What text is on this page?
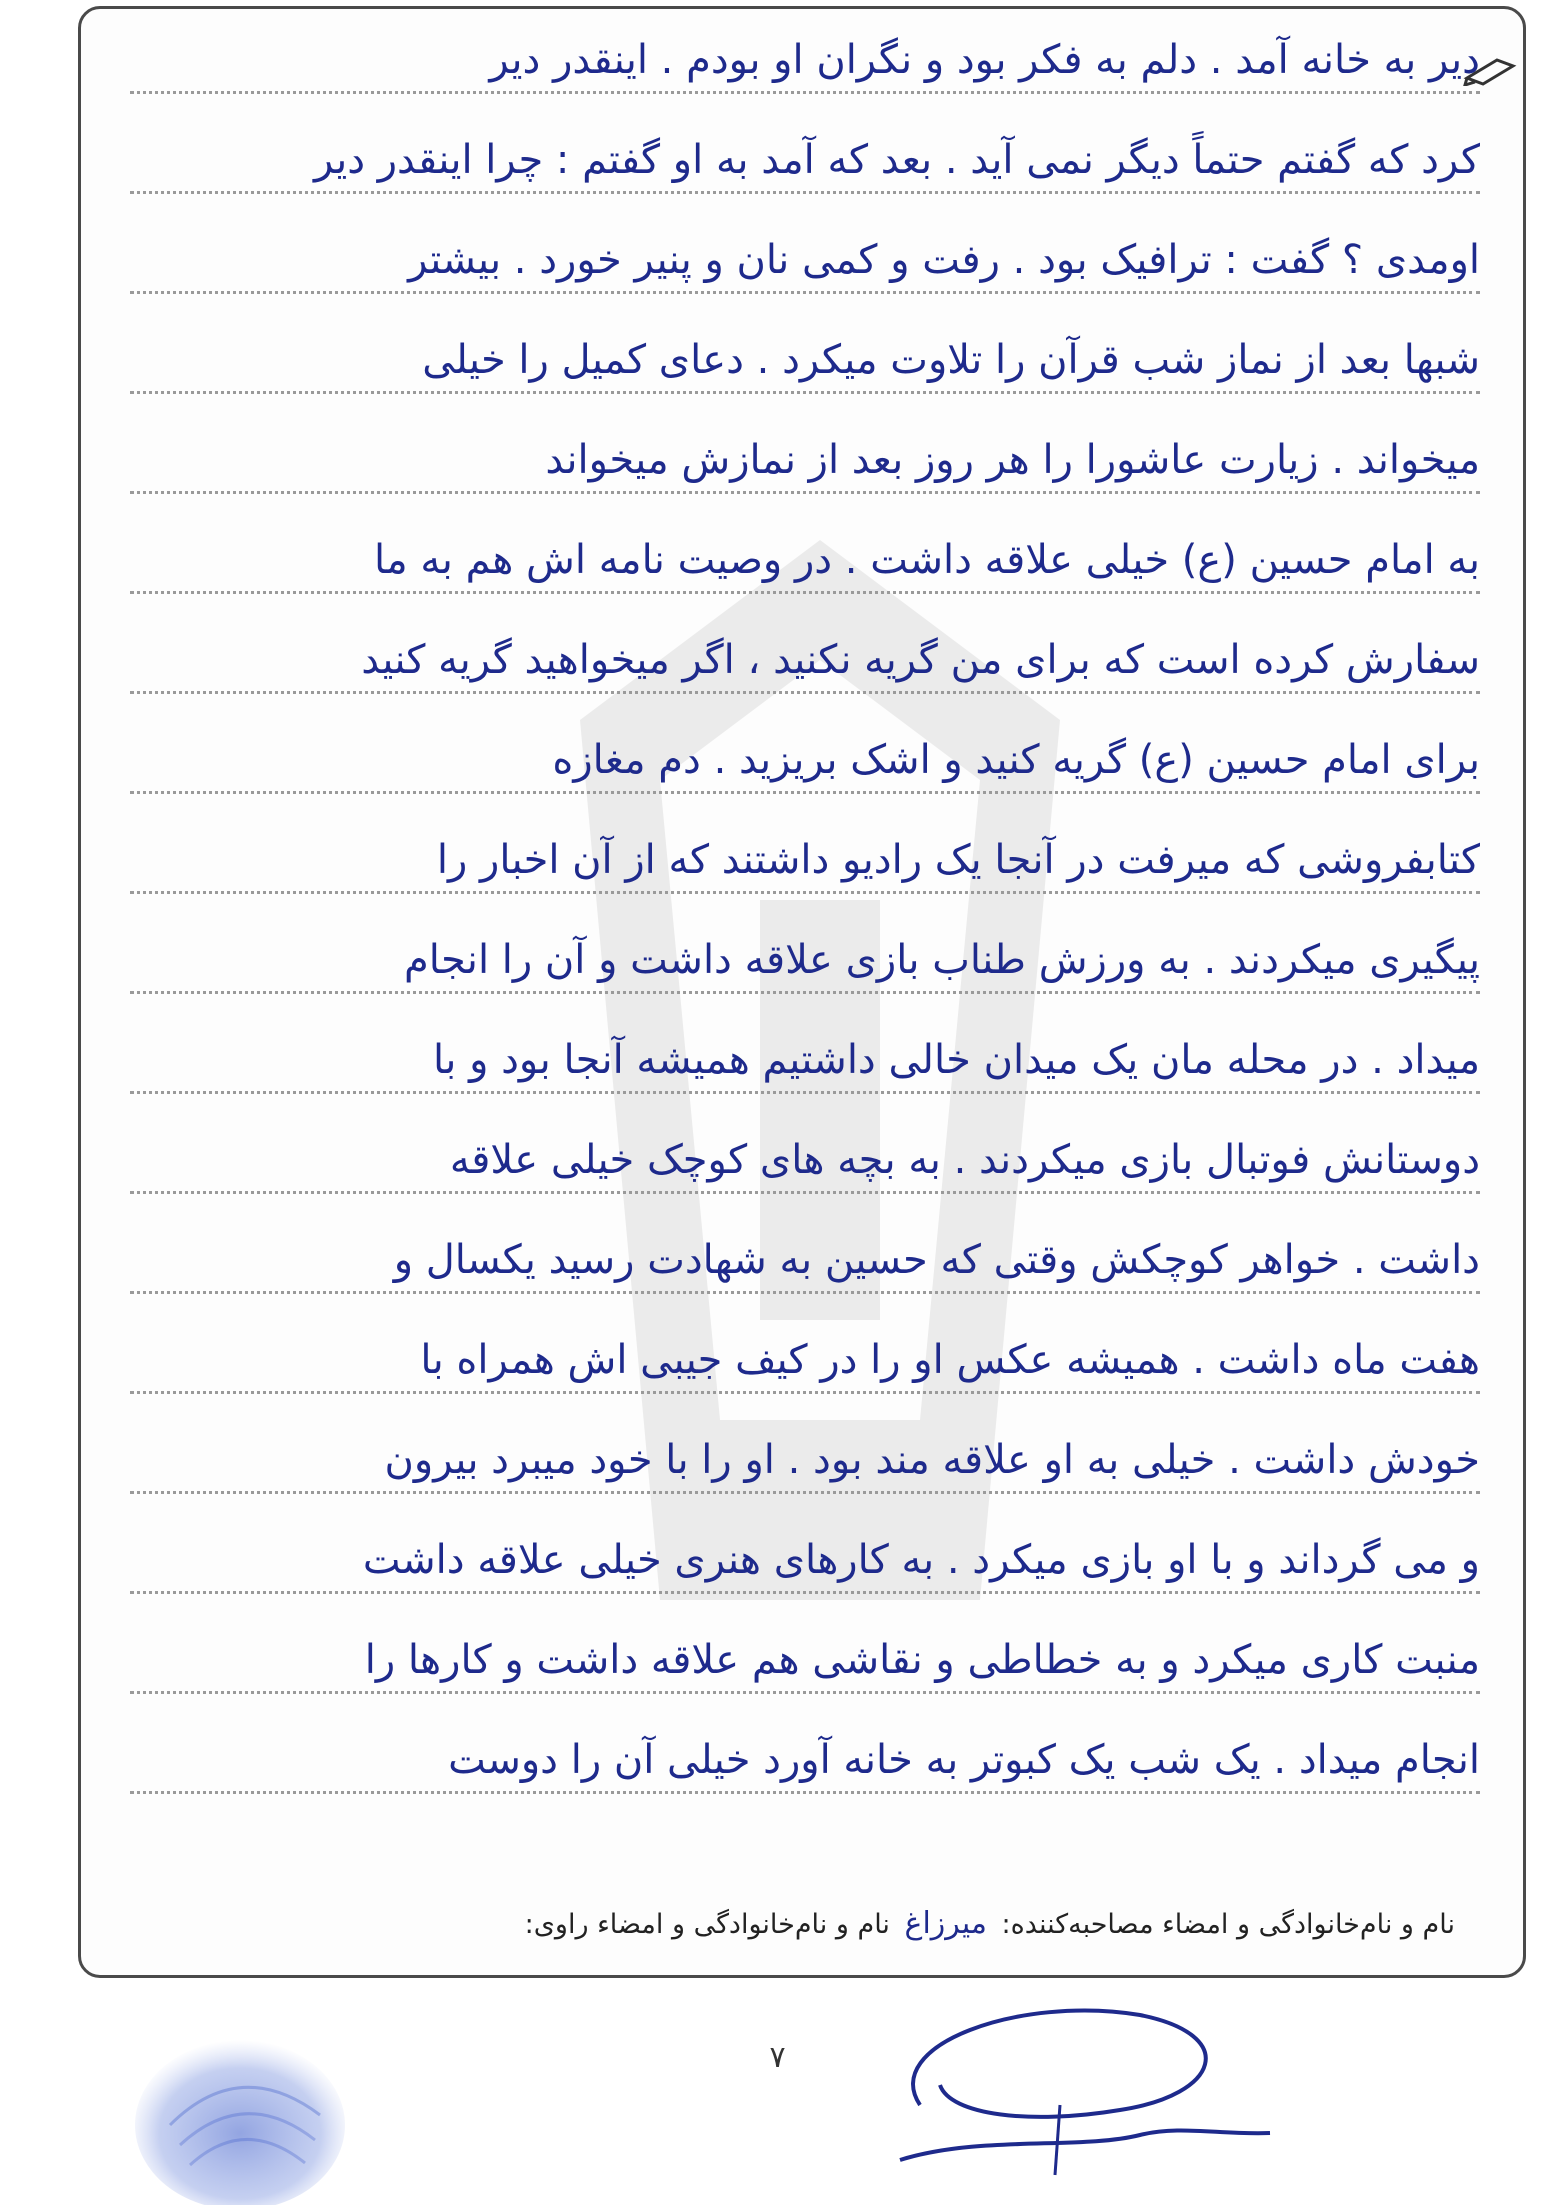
دیر به خانه آمد . دلم به فکر بود و نگران او بودم . اینقدر دیر
کرد که گفتم حتماً دیگر نمی آید . بعد که آمد به او گفتم : چرا اینقدر دیر
اومدی ؟ گفت : ترافیک بود . رفت و کمی نان و پنیر خورد . بیشتر
شبها بعد از نماز شب قرآن را تلاوت میکرد . دعای کمیل را خیلی
میخواند . زیارت عاشورا را هر روز بعد از نمازش میخواند
به امام حسین (ع) خیلی علاقه داشت . در وصیت نامه اش هم به ما
سفارش کرده است که برای من گریه نکنید ، اگر میخواهید گریه کنید
برای امام حسین (ع) گریه کنید و اشک بریزید . دم مغازه
کتابفروشی که میرفت در آنجا یک رادیو داشتند که از آن اخبار را
پیگیری میکردند . به ورزش طناب بازی علاقه داشت و آن را انجام
میداد . در محله مان یک میدان خالی داشتیم همیشه آنجا بود و با
دوستانش فوتبال بازی میکردند . به بچه های کوچک خیلی علاقه
داشت . خواهر کوچکش وقتی که حسین به شهادت رسید یکسال و
هفت ماه داشت . همیشه عکس او را در کیف جیبی اش همراه با
خودش داشت . خیلی به او علاقه مند بود . او را با خود میبرد بیرون
و می گرداند و با او بازی میکرد . به کارهای هنری خیلی علاقه داشت
منبت کاری میکرد و به خطاطی و نقاشی هم علاقه داشت و کارها را
انجام میداد . یک شب یک کبوتر به خانه آورد خیلی آن را دوست
نام و نام‌خانوادگی و امضاء مصاحبه‌کننده: میرزاغ نام و نام‌خانوادگی و امضاء راوی:
۷
